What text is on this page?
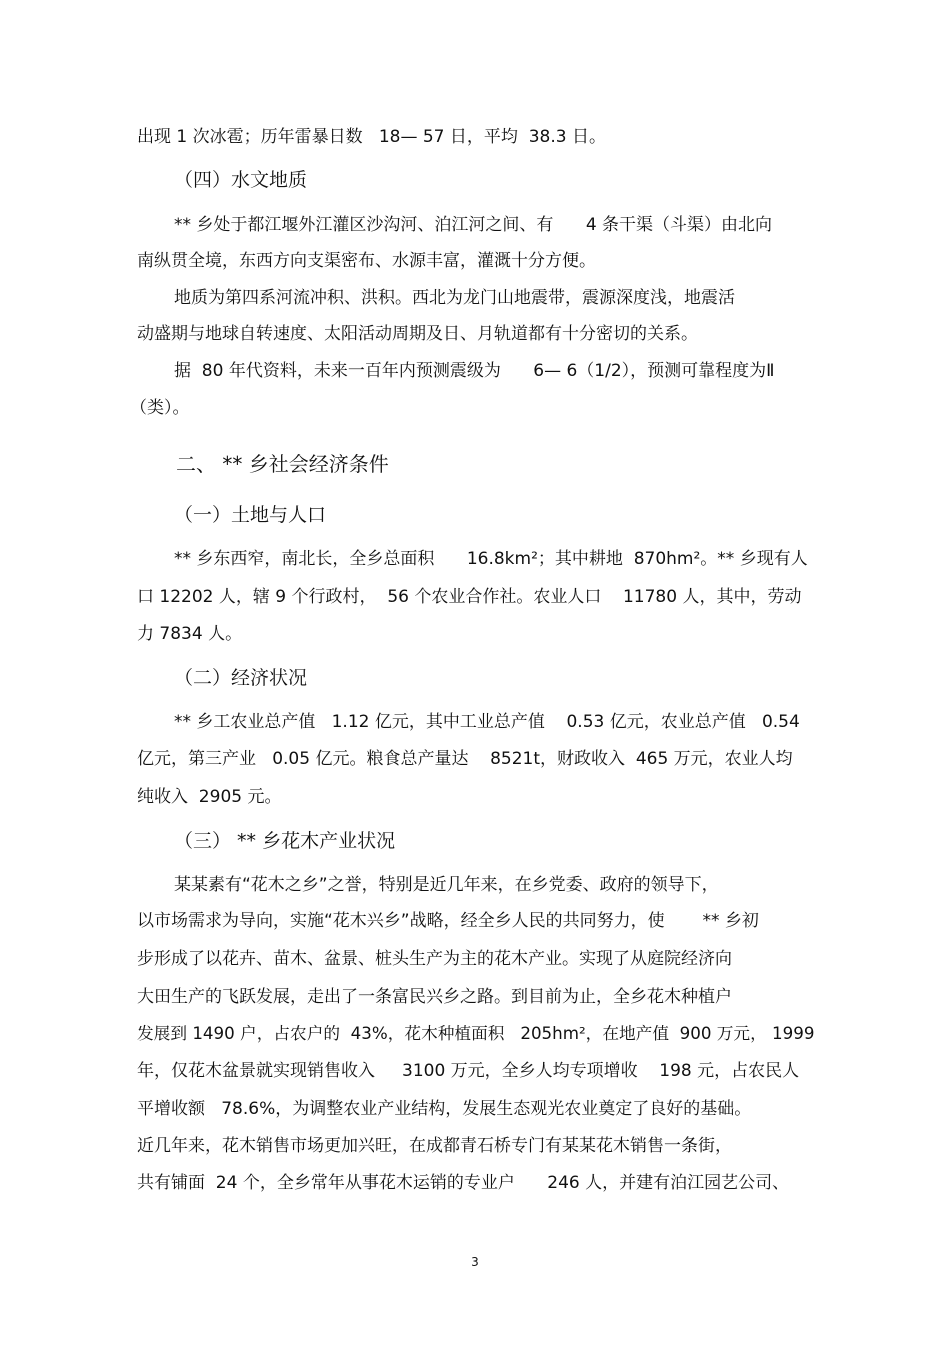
出现 1 次冰雹；历年雷暴日数   18— 57 日，平均  38.3 日。
（四）水文地质
** 乡处于都江堰外江灌区沙沟河、泊江河之间、有      4 条干渠（斗渠）由北向
南纵贯全境，东西方向支渠密布、水源丰富，灌溉十分方便。
地质为第四系河流冲积、洪积。西北为龙门山地震带，震源深度浅，地震活
动盛期与地球自转速度、太阳活动周期及日、月轨道都有十分密切的关系。
据  80 年代资料，未来一百年内预测震级为      6— 6（1/2），预测可靠程度为Ⅱ
（类）。
二、 ** 乡社会经济条件
（一）土地与人口
** 乡东西窄，南北长，全乡总面积      16.8km²；其中耕地  870hm²。** 乡现有人
口 12202 人，辖 9 个行政村，  56 个农业合作社。农业人口    11780 人，其中，劳动
力 7834 人。
（二）经济状况
** 乡工农业总产值   1.12 亿元，其中工业总产值    0.53 亿元，农业总产值   0.54
亿元，第三产业   0.05 亿元。粮食总产量达    8521t，财政收入  465 万元，农业人均
纯收入  2905 元。
（三） ** 乡花木产业状况
某某素有“花木之乡”之誉，特别是近几年来，在乡党委、政府的领导下，
以市场需求为导向，实施“花木兴乡”战略，经全乡人民的共同努力，使       ** 乡初
步形成了以花卉、苗木、盆景、桩头生产为主的花木产业。实现了从庭院经济向
大田生产的飞跃发展，走出了一条富民兴乡之路。到目前为止，全乡花木种植户
发展到 1490 户，占农户的  43%，花木种植面积   205hm²，在地产值  900 万元， 1999
年，仅花木盆景就实现销售收入     3100 万元，全乡人均专项增收    198 元，占农民人
平增收额   78.6%，为调整农业产业结构，发展生态观光农业奠定了良好的基础。
近几年来，花木销售市场更加兴旺，在成都青石桥专门有某某花木销售一条街，
共有铺面  24 个，全乡常年从事花木运销的专业户      246 人，并建有泊江园艺公司、
3
